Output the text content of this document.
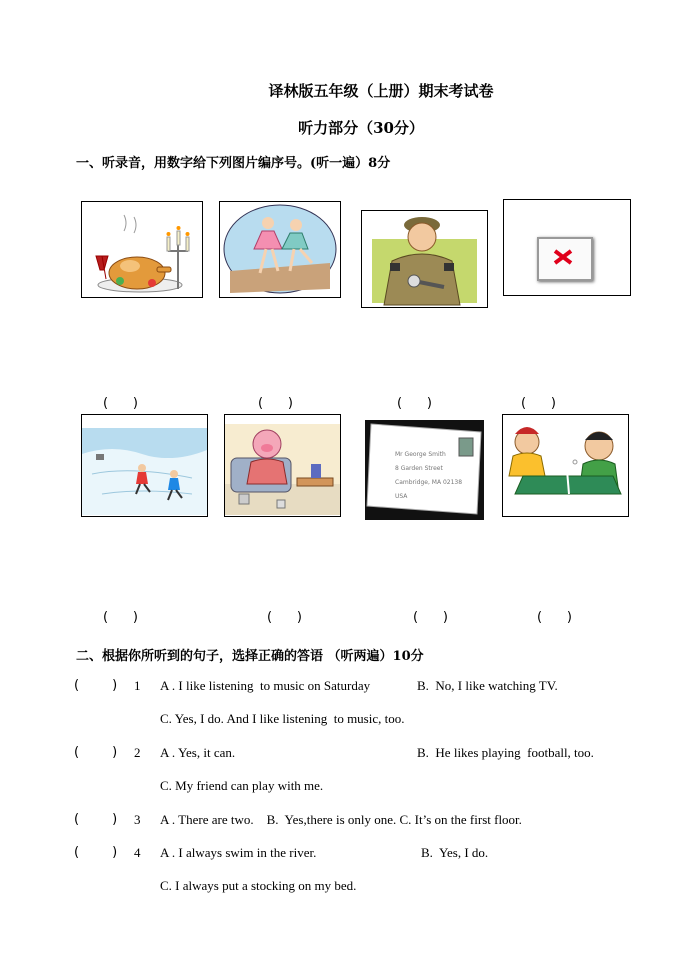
译林版五年级（上册）期末考试卷
听力部分（30分）
一、听录音，用数字给下列图片编序号。(听一遍）8分
(      )	(      )	(      )	(      )
Mr George Smith
8 Garden Street
Cambridge, MA 02138
USA
(      )	(      )	(      )	(      )
二、根据你所听到的句子，选择正确的答语 （听两遍）10分
(        ) 1 A . I like listening  to music on Saturday	B.  No, I like watching TV.
C. Yes, I do. And I like listening  to music, too.
(        ) 2 A . Yes, it can.	B.  He likes playing  football, too.
C. My friend can play with me.
(        ) 3 A . There are two.    B.  Yes,there is only one. C. It’s on the first floor.
(        ) 4 A . I always swim in the river.	B.  Yes, I do.
C. I always put a stocking on my bed.
